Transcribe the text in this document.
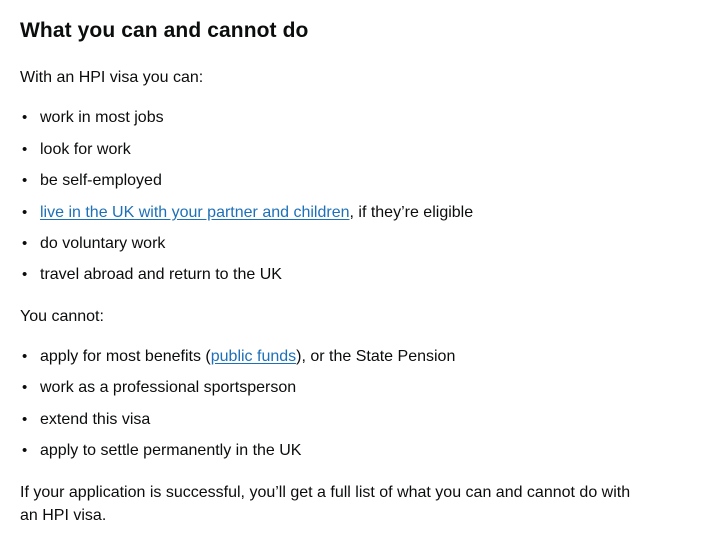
What you can and cannot do

With an HPI visa you can:

• work in most jobs
• look for work
• be self-employed
• live in the UK with your partner and children, if they’re eligible
• do voluntary work
• travel abroad and return to the UK

You cannot:

• apply for most benefits (public funds), or the State Pension
• work as a professional sportsperson
• extend this visa
• apply to settle permanently in the UK

If your application is successful, you’ll get a full list of what you can and cannot do with an HPI visa.
